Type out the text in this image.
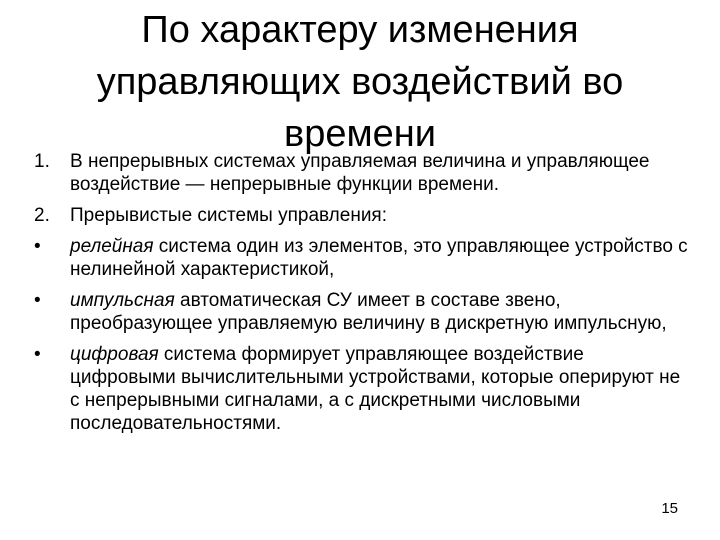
По характеру изменения управляющих воздействий во времени
1. В непрерывных системах управляемая величина и управляющее воздействие — непрерывные функции времени.
2. Прерывистые системы управления:
• релейная система один из элементов, это управляющее устройство с нелинейной характеристикой,
• импульсная автоматическая СУ имеет в составе звено, преобразующее управляемую величину в дискретную импульсную,
• цифровая система формирует управляющее воздействие цифровыми вычислительными устройствами, которые оперируют не с непрерывными сигналами, а с дискретными числовыми последовательностями.
15
